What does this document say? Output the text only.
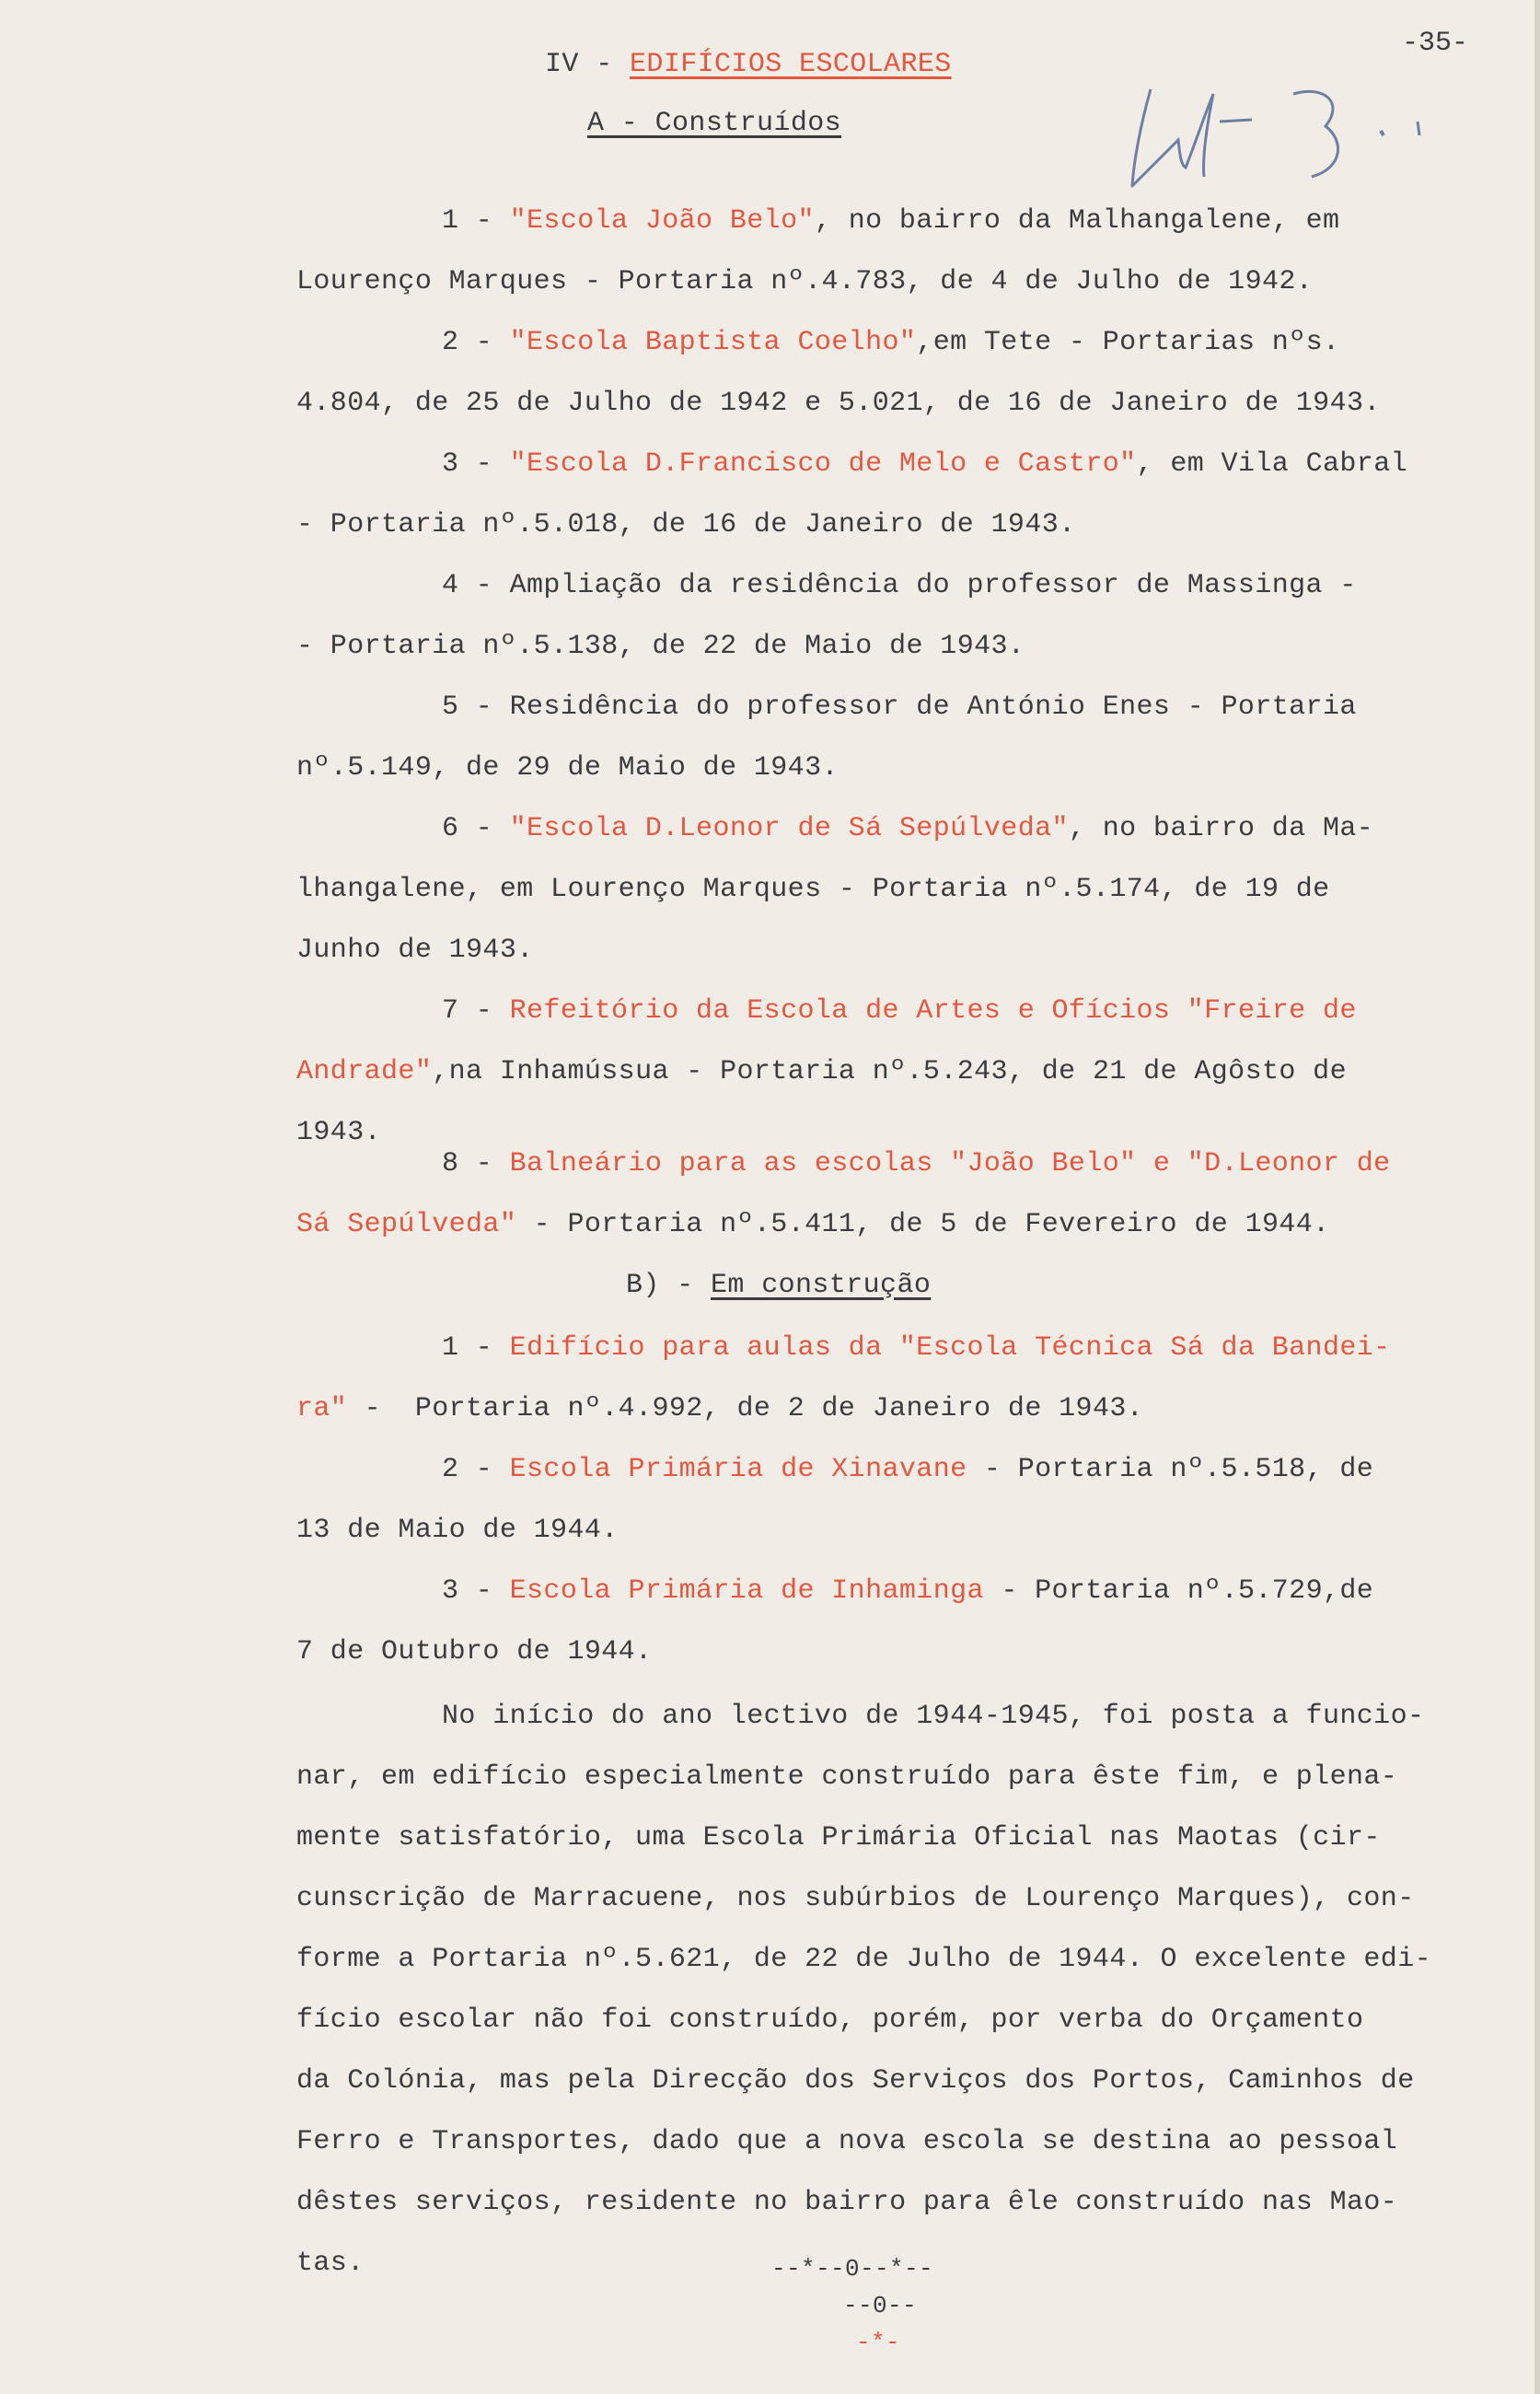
-35-
IV - EDIFÍCIOS ESCOLARES
A - Construídos
1 - "Escola João Belo", no bairro da Malhangalene, em
Lourenço Marques - Portaria nº.4.783, de 4 de Julho de 1942.
2 - "Escola Baptista Coelho",em Tete - Portarias nºs.
4.804, de 25 de Julho de 1942 e 5.021, de 16 de Janeiro de 1943.
3 - "Escola D.Francisco de Melo e Castro", em Vila Cabral
- Portaria nº.5.018, de 16 de Janeiro de 1943.
4 - Ampliação da residência do professor de Massinga -
- Portaria nº.5.138, de 22 de Maio de 1943.
5 - Residência do professor de António Enes - Portaria
nº.5.149, de 29 de Maio de 1943.
6 - "Escola D.Leonor de Sá Sepúlveda", no bairro da Ma-
lhangalene, em Lourenço Marques - Portaria nº.5.174, de 19 de
Junho de 1943.
7 - Refeitório da Escola de Artes e Ofícios "Freire de
Andrade",na Inhamússua - Portaria nº.5.243, de 21 de Agôsto de
1943.
8 - Balneário para as escolas "João Belo" e "D.Leonor de
Sá Sepúlveda" - Portaria nº.5.411, de 5 de Fevereiro de 1944.
B) - Em construção
1 - Edifício para aulas da "Escola Técnica Sá da Bandei-
ra" -  Portaria nº.4.992, de 2 de Janeiro de 1943.
2 - Escola Primária de Xinavane - Portaria nº.5.518, de
13 de Maio de 1944.
3 - Escola Primária de Inhaminga - Portaria nº.5.729,de
7 de Outubro de 1944.
No início do ano lectivo de 1944-1945, foi posta a funcio-
nar, em edifício especialmente construído para êste fim, e plena-
mente satisfatório, uma Escola Primária Oficial nas Maotas (cir-
cunscrição de Marracuene, nos subúrbios de Lourenço Marques), con-
forme a Portaria nº.5.621, de 22 de Julho de 1944. O excelente edi-
fício escolar não foi construído, porém, por verba do Orçamento
da Colónia, mas pela Direcção dos Serviços dos Portos, Caminhos de
Ferro e Transportes, dado que a nova escola se destina ao pessoal
dêstes serviços, residente no bairro para êle construído nas Mao-
tas.	--*--0--*--
--0--
-*-
